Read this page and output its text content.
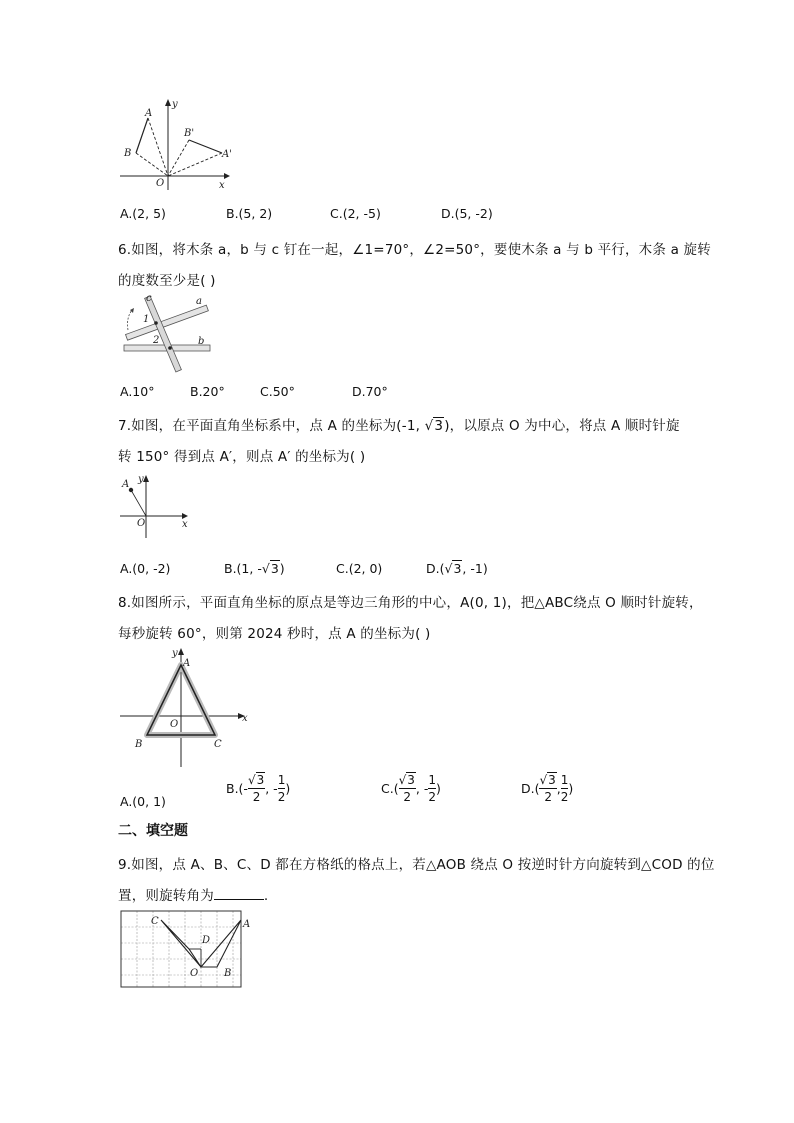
A
B
B'
A'
O
y
x
A.(2, 5)	B.(5, 2)	C.(2, -5)	D.(5, -2)
6.如图，将木条 a，b 与 c 钉在一起，∠1=70°，∠2=50°，要使木条 a 与 b 平行，木条 a 旋转
的度数至少是( )
c	a
b
1
2
A.10°	B.20°	C.50°	D.70°
7.如图，在平面直角坐标系中，点 A 的坐标为(-1, √3)，以原点 O 为中心，将点 A 顺时针旋
转 150° 得到点 A′，则点 A′ 的坐标为( )
A y
O	x
A.(0, -2)	B.(1, -√3)	C.(2, 0)	D.(√3, -1)
8.如图所示，平面直角坐标的原点是等边三角形的中心，A(0, 1)，把△ABC绕点 O 顺时针旋转，
每秒旋转 60°，则第 2024 秒时，点 A 的坐标为( )
y
A
O
x
B	C
A.(0, 1)
$B.(- \frac{√3}{2}$ , - $\frac{1}{2}$ )	$C.( \frac{√3}{2}$ , - $\frac{1}{2}$ )	$D.( \frac{√3}{2}$ , $\frac{1}{2}$ )
二、填空题
9.如图，点 A、B、C、D 都在方格纸的格点上，若△AOB 绕点 O 按逆时针方向旋转到△COD 的位
置，则旋转角为	.
C
D
A
O	B
